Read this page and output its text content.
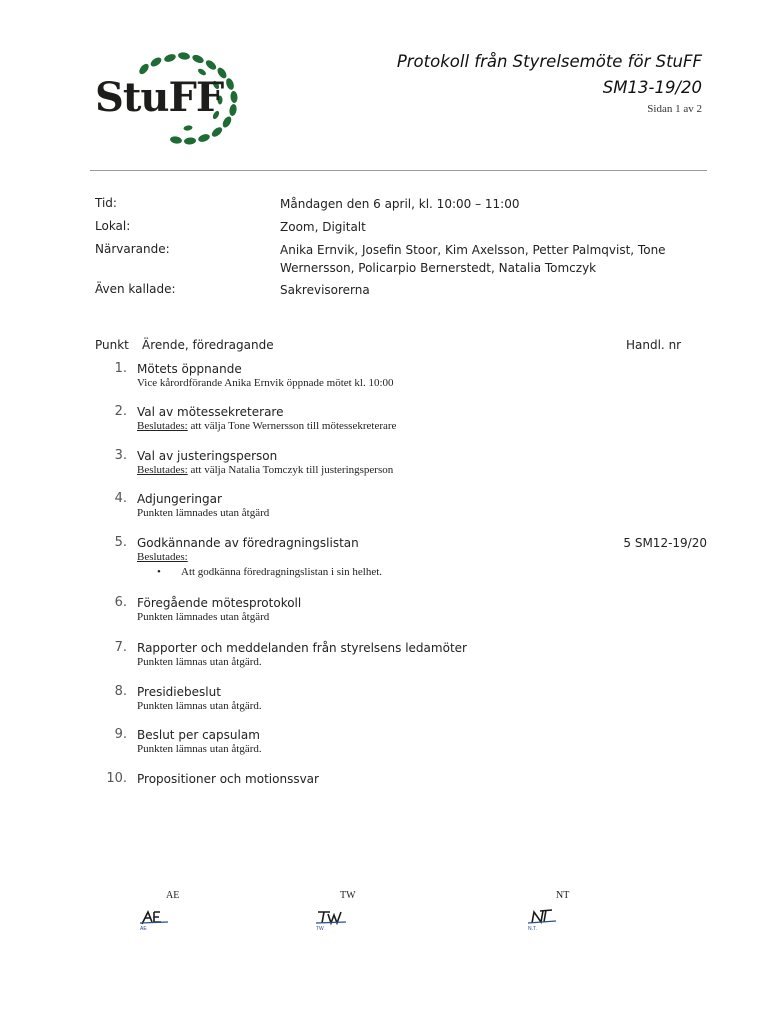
StuFF
Protokoll från Styrelsemöte för StuFF
SM13-19/20
Sidan 1 av 2
Tid:	Måndagen den 6 april, kl. 10:00 – 11:00
Lokal:	Zoom, Digitalt
Närvarande:	Anika Ernvik, Josefin Stoor, Kim Axelsson, Petter Palmqvist, Tone Wernersson, Policarpio Bernerstedt, Natalia Tomczyk
Även kallade:	Sakrevisorerna
Punkt Ärende, föredragande	Handl. nr
1. Mötets öppnande
Vice kårordförande Anika Ernvik öppnade mötet kl. 10:00
2. Val av mötessekreterare
Beslutades: att välja Tone Wernersson till mötessekreterare
3. Val av justeringsperson
Beslutades: att välja Natalia Tomczyk till justeringsperson
4. Adjungeringar
Punkten lämnades utan åtgärd
5. Godkännande av föredragningslistan	5 SM12-19/20
Beslutades:
• Att godkänna föredragningslistan i sin helhet.
6. Föregående mötesprotokoll
Punkten lämnades utan åtgärd
7. Rapporter och meddelanden från styrelsens ledamöter
Punkten lämnas utan åtgärd.
8. Presidiebeslut
Punkten lämnas utan åtgärd.
9. Beslut per capsulam
Punkten lämnas utan åtgärd.
10. Propositioner och motionssvar
AE	TW	NT
AE	TW	N.T.
